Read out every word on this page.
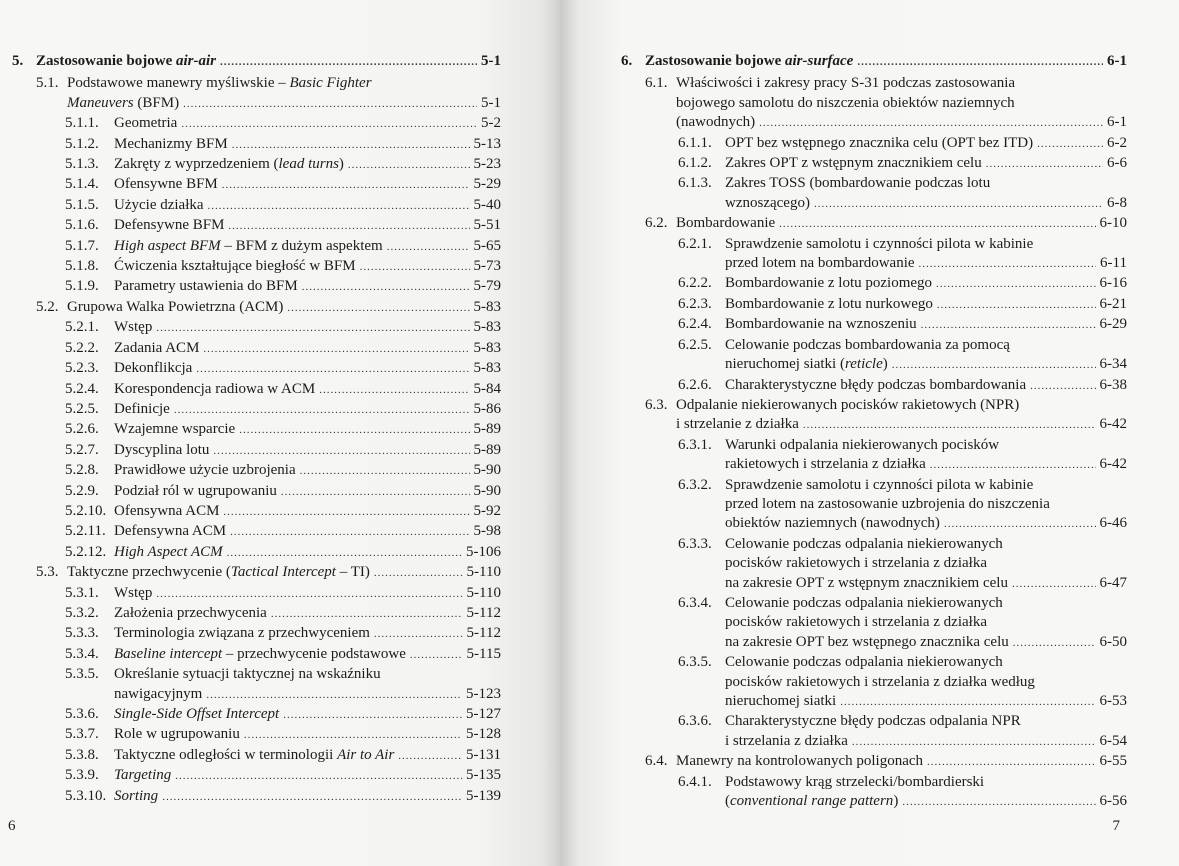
5. Zastosowanie bojowe air-air .....	5-1
5.1. Podstawowe manewry myśliwskie – Basic Fighter
Maneuvers (BFM) .....	5-1
5.1.1. Geometria .....	5-2
5.1.2. Mechanizmy BFM .....	5-13
5.1.3. Zakręty z wyprzedzeniem (lead turns) .....	5-23
5.1.4. Ofensywne BFM .....	5-29
5.1.5. Użycie działka .....	5-40
5.1.6. Defensywne BFM .....	5-51
5.1.7. High aspect BFM – BFM z dużym aspektem .....	5-65
5.1.8. Ćwiczenia kształtujące biegłość w BFM .....	5-73
5.1.9. Parametry ustawienia do BFM .....	5-79
5.2. Grupowa Walka Powietrzna (ACM) .....	5-83
5.2.1. Wstęp .....	5-83
5.2.2. Zadania ACM .....	5-83
5.2.3. Dekonflikcja .....	5-83
5.2.4. Korespondencja radiowa w ACM .....	5-84
5.2.5. Definicje .....	5-86
5.2.6. Wzajemne wsparcie .....	5-89
5.2.7. Dyscyplina lotu .....	5-89
5.2.8. Prawidłowe użycie uzbrojenia .....	5-90
5.2.9. Podział ról w ugrupowaniu .....	5-90
5.2.10. Ofensywna ACM .....	5-92
5.2.11. Defensywna ACM .....	5-98
5.2.12. High Aspect ACM .....	5-106
5.3. Taktyczne przechwycenie (Tactical Intercept – TI) .....	5-110
5.3.1. Wstęp .....	5-110
5.3.2. Założenia przechwycenia .....	5-112
5.3.3. Terminologia związana z przechwyceniem .....	5-112
5.3.4. Baseline intercept – przechwycenie podstawowe .....	5-115
5.3.5. Określanie sytuacji taktycznej na wskaźniku
nawigacyjnym .....	5-123
5.3.6. Single-Side Offset Intercept .....	5-127
5.3.7. Role w ugrupowaniu .....	5-128
5.3.8. Taktyczne odległości w terminologii Air to Air .....	5-131
5.3.9. Targeting .....	5-135
5.3.10. Sorting .....	5-139
6
6. Zastosowanie bojowe air-surface .....	6-1
6.1. Właściwości i zakresy pracy S-31 podczas zastosowania
bojowego samolotu do niszczenia obiektów naziemnych
(nawodnych) .....	6-1
6.1.1. OPT bez wstępnego znacznika celu (OPT bez ITD) .....	6-2
6.1.2. Zakres OPT z wstępnym znacznikiem celu .....	6-6
6.1.3. Zakres TOSS (bombardowanie podczas lotu
wznoszącego) .....	6-8
6.2. Bombardowanie .....	6-10
6.2.1. Sprawdzenie samolotu i czynności pilota w kabinie
przed lotem na bombardowanie .....	6-11
6.2.2. Bombardowanie z lotu poziomego .....	6-16
6.2.3. Bombardowanie z lotu nurkowego .....	6-21
6.2.4. Bombardowanie na wznoszeniu .....	6-29
6.2.5. Celowanie podczas bombardowania za pomocą
nieruchomej siatki (reticle) .....	6-34
6.2.6. Charakterystyczne błędy podczas bombardowania .....	6-38
6.3. Odpalanie niekierowanych pocisków rakietowych (NPR)
i strzelanie z działka .....	6-42
6.3.1. Warunki odpalania niekierowanych pocisków
rakietowych i strzelania z działka .....	6-42
6.3.2. Sprawdzenie samolotu i czynności pilota w kabinie
przed lotem na zastosowanie uzbrojenia do niszczenia
obiektów naziemnych (nawodnych) .....	6-46
6.3.3. Celowanie podczas odpalania niekierowanych
pocisków rakietowych i strzelania z działka
na zakresie OPT z wstępnym znacznikiem celu .....	6-47
6.3.4. Celowanie podczas odpalania niekierowanych
pocisków rakietowych i strzelania z działka
na zakresie OPT bez wstępnego znacznika celu .....	6-50
6.3.5. Celowanie podczas odpalania niekierowanych
pocisków rakietowych i strzelania z działka według
nieruchomej siatki .....	6-53
6.3.6. Charakterystyczne błędy podczas odpalania NPR
i strzelania z działka .....	6-54
6.4. Manewry na kontrolowanych poligonach .....	6-55
6.4.1. Podstawowy krąg strzelecki/bombardierski
(conventional range pattern) .....	6-56
7
